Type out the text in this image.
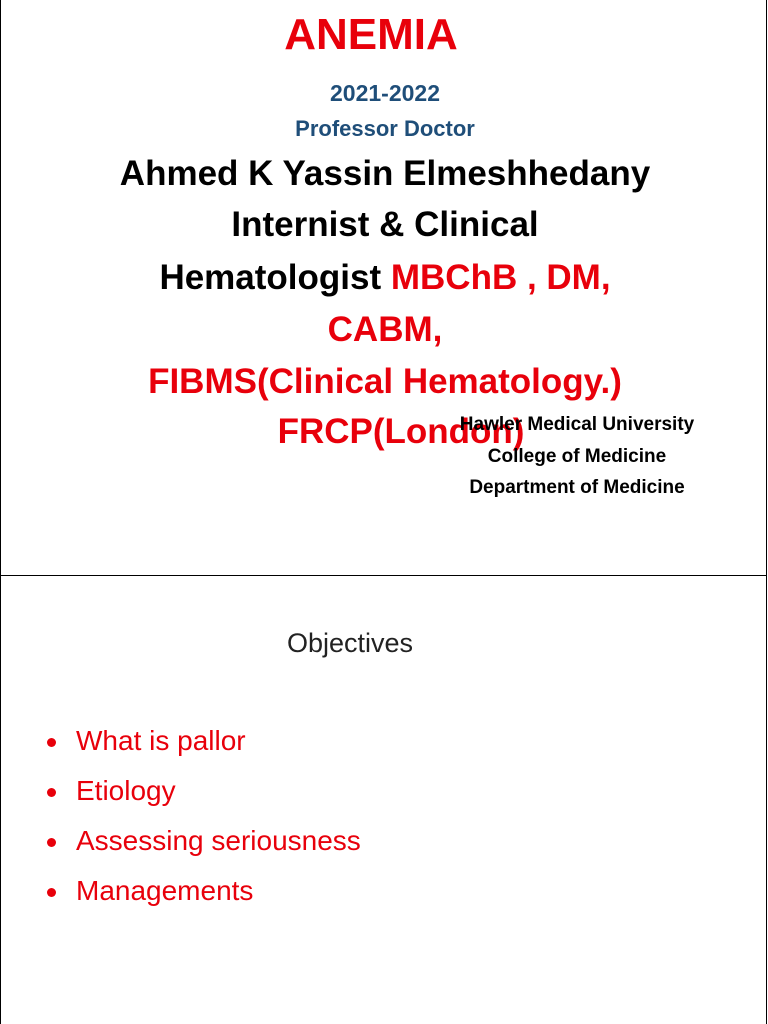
ANEMIA
2021-2022
Professor Doctor
Ahmed K Yassin Elmeshhedany
Internist & Clinical
Hematologist MBChB , DM,
CABM,
FIBMS(Clinical Hematology.)
FRCP(London)
Hawler Medical University
College of Medicine
Department of Medicine
Objectives
What is pallor
Etiology
Assessing seriousness
Managements
